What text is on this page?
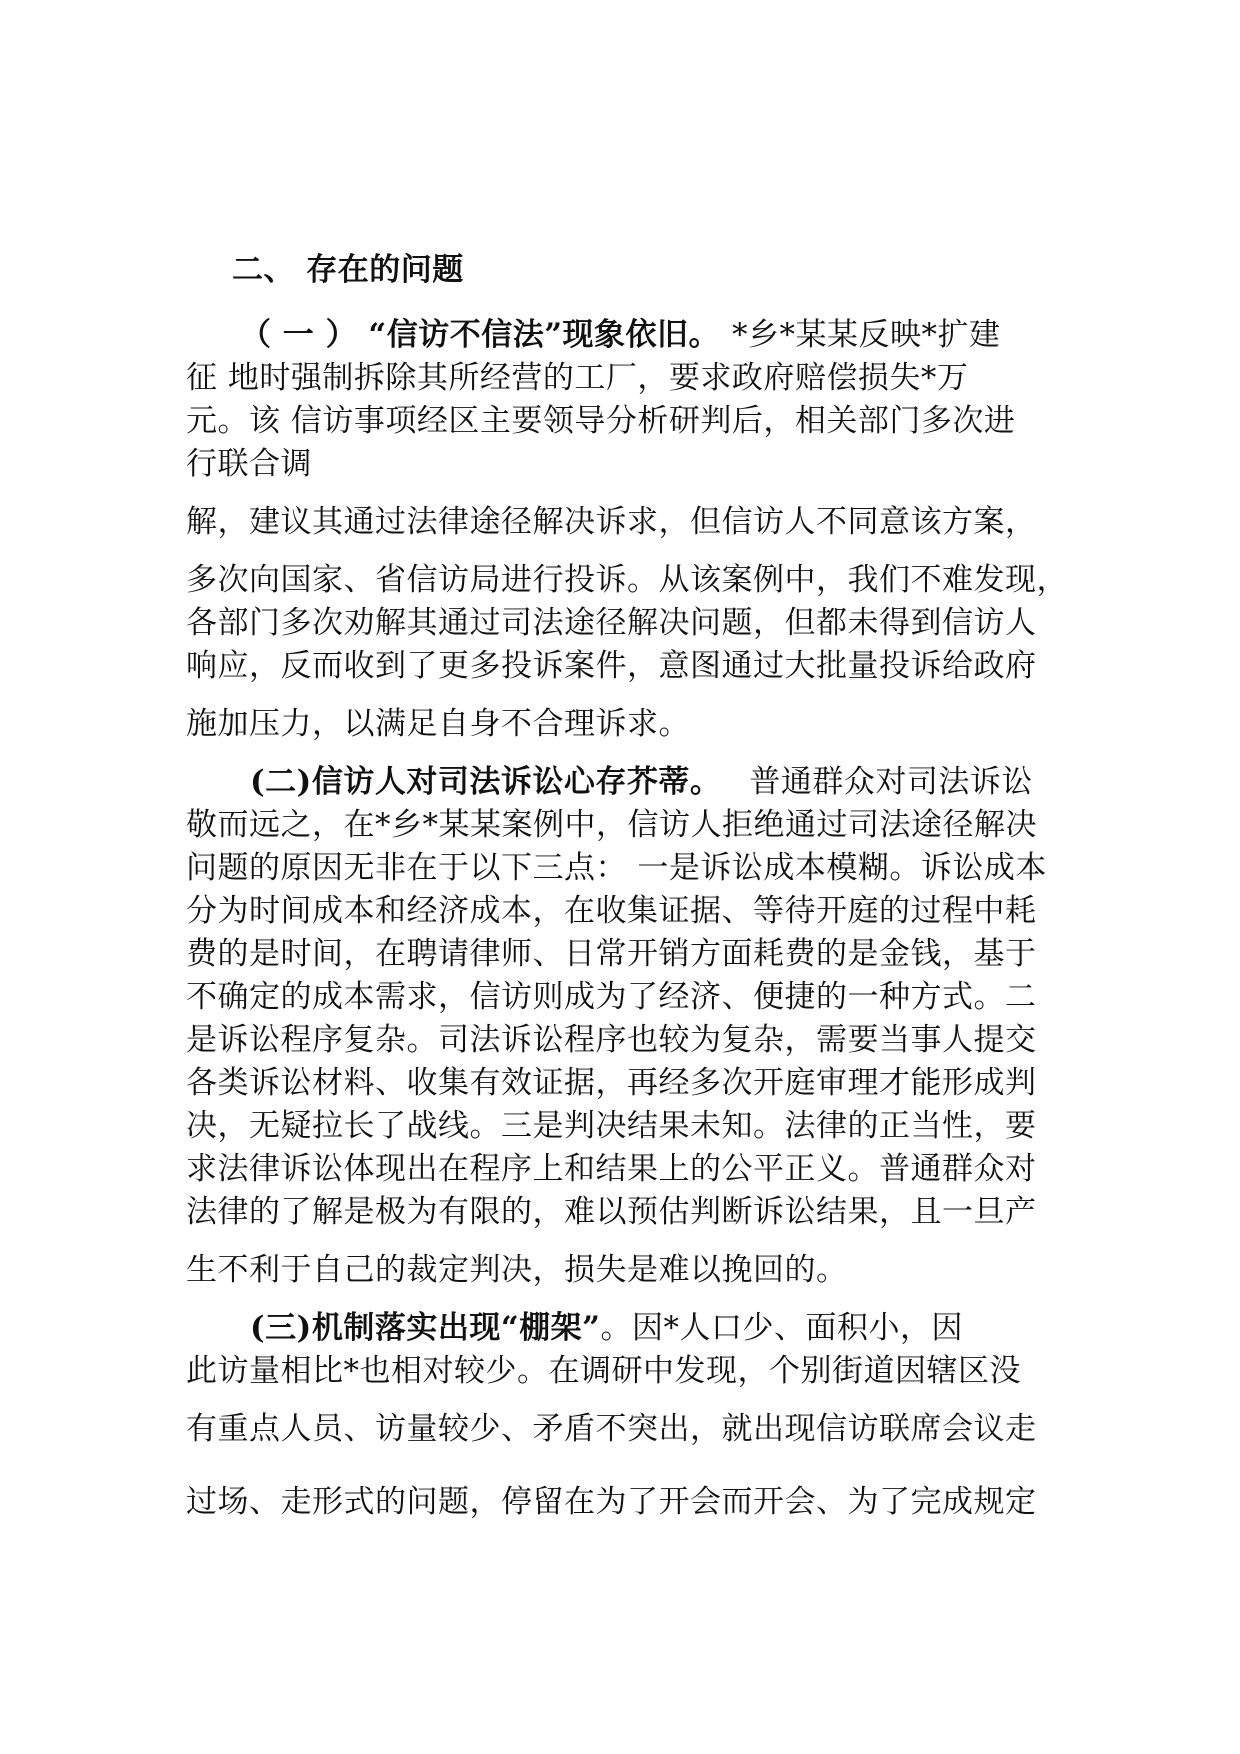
二、 存在的问题
（ 一 ） “信访不信法”现象依旧。 *乡*某某反映*扩建
征 地时强制拆除其所经营的工厂，要求政府赔偿损失*万
元。该 信访事项经区主要领导分析研判后，相关部门多次进
行联合调
解，建议其通过法律途径解决诉求，但信访人不同意该方案，
多次向国家、省信访局进行投诉。从该案例中，我们不难发现，
各部门多次劝解其通过司法途径解决问题，但都未得到信访人
响应，反而收到了更多投诉案件，意图通过大批量投诉给政府
施加压力，以满足自身不合理诉求。
(二)信访人对司法诉讼心存芥蒂。 普通群众对司法诉讼
敬而远之，在*乡*某某案例中，信访人拒绝通过司法途径解决
问题的原因无非在于以下三点： 一是诉讼成本模糊。诉讼成本
分为时间成本和经济成本，在收集证据、等待开庭的过程中耗
费的是时间，在聘请律师、日常开销方面耗费的是金钱，基于
不确定的成本需求，信访则成为了经济、便捷的一种方式。二
是诉讼程序复杂。司法诉讼程序也较为复杂，需要当事人提交
各类诉讼材料、收集有效证据，再经多次开庭审理才能形成判
决，无疑拉长了战线。三是判决结果未知。法律的正当性，要
求法律诉讼体现出在程序上和结果上的公平正义。普通群众对
法律的了解是极为有限的，难以预估判断诉讼结果，且一旦产
生不利于自己的裁定判决，损失是难以挽回的。
(三)机制落实出现“棚架”。因*人口少、面积小，因
此访量相比*也相对较少。在调研中发现，个别街道因辖区没
有重点人员、访量较少、矛盾不突出，就出现信访联席会议走
过场、走形式的问题，停留在为了开会而开会、为了完成规定
